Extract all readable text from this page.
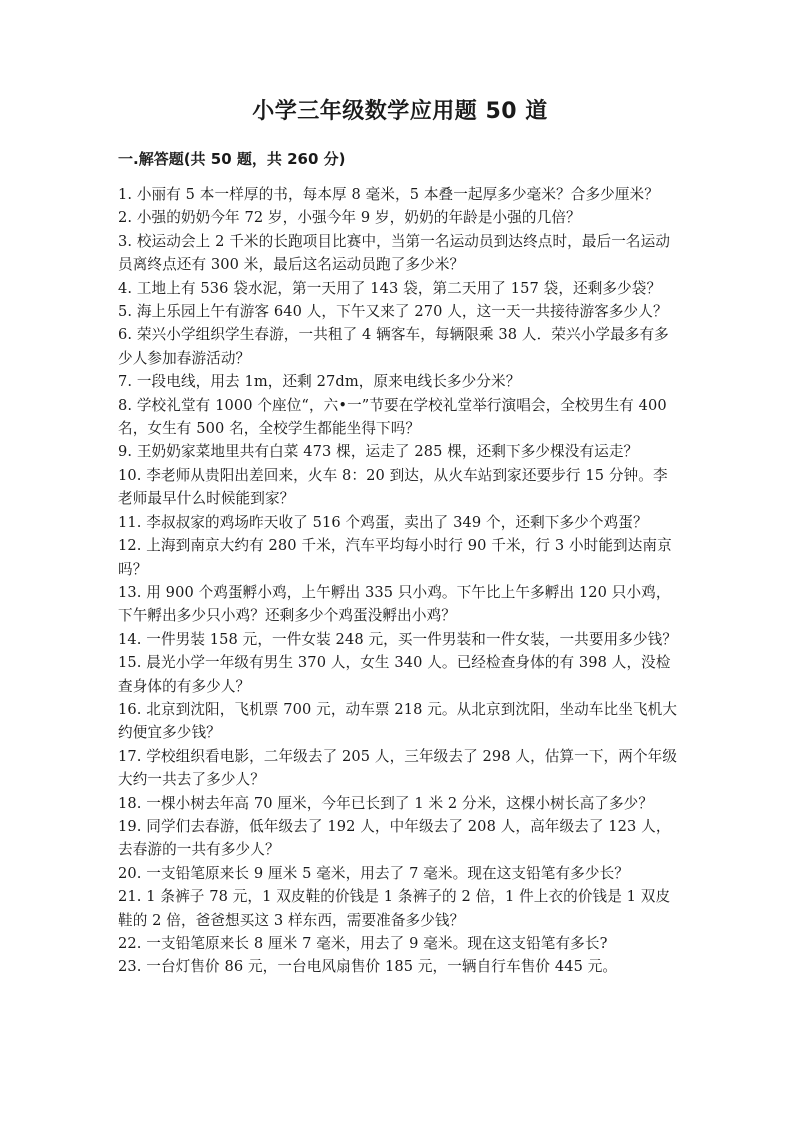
小学三年级数学应用题 50 道
一.解答题(共 50 题，共 260 分)
1. 小丽有 5 本一样厚的书，每本厚 8 毫米，5 本叠一起厚多少毫米？合多少厘米？
2. 小强的奶奶今年 72 岁，小强今年 9 岁，奶奶的年龄是小强的几倍？
3. 校运动会上 2 千米的长跑项目比赛中，当第一名运动员到达终点时，最后一名运动员离终点还有 300 米，最后这名运动员跑了多少米？
4. 工地上有 536 袋水泥，第一天用了 143 袋，第二天用了 157 袋，还剩多少袋？
5. 海上乐园上午有游客 640 人，下午又来了 270 人，这一天一共接待游客多少人？
6. 荣兴小学组织学生春游，一共租了 4 辆客车，每辆限乘 38 人．荣兴小学最多有多少人参加春游活动？
7. 一段电线，用去 1m，还剩 27dm，原来电线长多少分米？
8. 学校礼堂有 1000 个座位“，六•一”节要在学校礼堂举行演唱会，全校男生有 400 名，女生有 500 名，全校学生都能坐得下吗？
9. 王奶奶家菜地里共有白菜 473 棵，运走了 285 棵，还剩下多少棵没有运走？
10. 李老师从贵阳出差回来，火车 8：20 到达，从火车站到家还要步行 15 分钟。李老师最早什么时候能到家？
11. 李叔叔家的鸡场昨天收了 516 个鸡蛋，卖出了 349 个，还剩下多少个鸡蛋？
12. 上海到南京大约有 280 千米，汽车平均每小时行 90 千米，行 3 小时能到达南京吗？
13. 用 900 个鸡蛋孵小鸡，上午孵出 335 只小鸡。下午比上午多孵出 120 只小鸡，下午孵出多少只小鸡？还剩多少个鸡蛋没孵出小鸡？
14. 一件男装 158 元，一件女装 248 元，买一件男装和一件女装，一共要用多少钱？
15. 晨光小学一年级有男生 370 人，女生 340 人。已经检查身体的有 398 人，没检查身体的有多少人？
16. 北京到沈阳，飞机票 700 元，动车票 218 元。从北京到沈阳，坐动车比坐飞机大约便宜多少钱？
17. 学校组织看电影，二年级去了 205 人，三年级去了 298 人，估算一下，两个年级大约一共去了多少人？
18. 一棵小树去年高 70 厘米，今年已长到了 1 米 2 分米，这棵小树长高了多少？
19. 同学们去春游，低年级去了 192 人，中年级去了 208 人，高年级去了 123 人，去春游的一共有多少人？
20. 一支铅笔原来长 9 厘米 5 毫米，用去了 7 毫米。现在这支铅笔有多少长？
21. 1 条裤子 78 元，1 双皮鞋的价钱是 1 条裤子的 2 倍，1 件上衣的价钱是 1 双皮鞋的 2 倍，爸爸想买这 3 样东西，需要准备多少钱？
22. 一支铅笔原来长 8 厘米 7 毫米，用去了 9 毫米。现在这支铅笔有多长?
23. 一台灯售价 86 元，一台电风扇售价 185 元，一辆自行车售价 445 元。
